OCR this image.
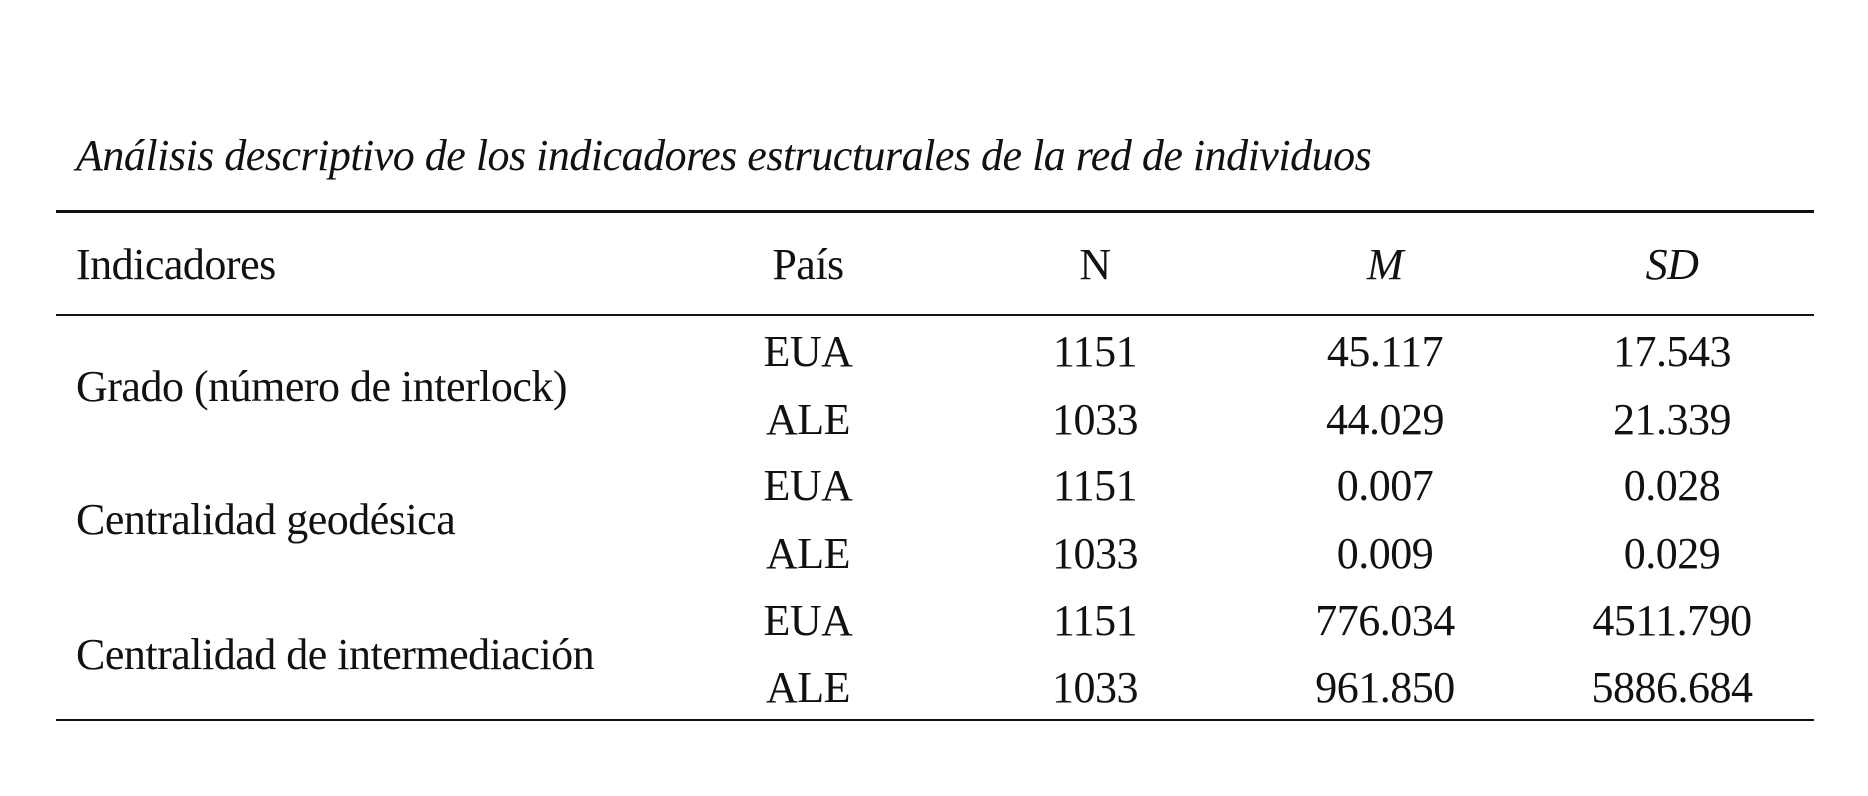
Análisis descriptivo de los indicadores estructurales de la red de individuos
Indicadores	País	N	M	SD
Grado (número de interlock)
EUA	1151	45.117	17.543
ALE	1033	44.029	21.339
Centralidad geodésica
EUA	1151	0.007	0.028
ALE	1033	0.009	0.029
Centralidad de intermediación
EUA	1151	776.034	4511.790
ALE	1033	961.850	5886.684
